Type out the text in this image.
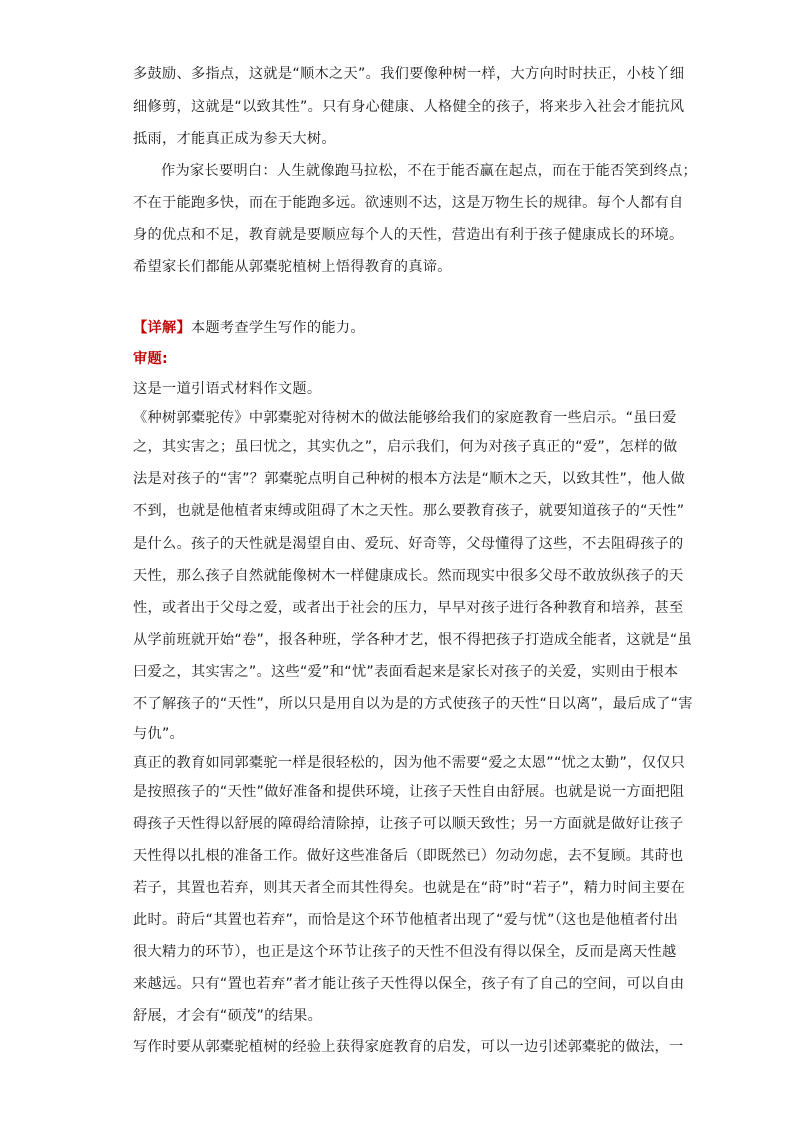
多鼓励、多指点，这就是“顺木之天”。我们要像种树一样，大方向时时扶正，小枝丫细
细修剪，这就是“以致其性”。只有身心健康、人格健全的孩子，将来步入社会才能抗风
抵雨，才能真正成为参天大树。
作为家长要明白：人生就像跑马拉松，不在于能否赢在起点，而在于能否笑到终点；
不在于能跑多快，而在于能跑多远。欲速则不达，这是万物生长的规律。每个人都有自
身的优点和不足，教育就是要顺应每个人的天性，营造出有利于孩子健康成长的环境。
希望家长们都能从郭橐驼植树上悟得教育的真谛。
【详解】本题考查学生写作的能力。
审题:
这是一道引语式材料作文题。
《种树郭橐驼传》中郭橐驼对待树木的做法能够给我们的家庭教育一些启示。“虽曰爱
之，其实害之；虽曰忧之，其实仇之”，启示我们，何为对孩子真正的“爱”，怎样的做
法是对孩子的“害”？郭橐驼点明自己种树的根本方法是“顺木之天，以致其性”，他人做
不到，也就是他植者束缚或阻碍了木之天性。那么要教育孩子，就要知道孩子的“天性”
是什么。孩子的天性就是渴望自由、爱玩、好奇等，父母懂得了这些，不去阻碍孩子的
天性，那么孩子自然就能像树木一样健康成长。然而现实中很多父母不敢放纵孩子的天
性，或者出于父母之爱，或者出于社会的压力，早早对孩子进行各种教育和培养，甚至
从学前班就开始“卷”，报各种班，学各种才艺，恨不得把孩子打造成全能者，这就是“虽
曰爱之，其实害之”。这些“爱”和“忧”表面看起来是家长对孩子的关爱，实则由于根本
不了解孩子的“天性”，所以只是用自以为是的方式使孩子的天性“日以离”，最后成了“害
与仇”。
真正的教育如同郭橐驼一样是很轻松的，因为他不需要“爱之太恩”“忧之太勤”，仅仅只
是按照孩子的“天性”做好准备和提供环境，让孩子天性自由舒展。也就是说一方面把阻
碍孩子天性得以舒展的障碍给清除掉，让孩子可以顺天致性；另一方面就是做好让孩子
天性得以扎根的准备工作。做好这些准备后（即既然已）勿动勿虑，去不复顾。其莳也
若子，其置也若弃，则其天者全而其性得矣。也就是在“莳”时“若子”，精力时间主要在
此时。莳后“其置也若弃”，而恰是这个环节他植者出现了“爱与忧”（这也是他植者付出
很大精力的环节），也正是这个环节让孩子的天性不但没有得以保全，反而是离天性越
来越远。只有“置也若弃”者才能让孩子天性得以保全，孩子有了自己的空间，可以自由
舒展，才会有“硕茂”的结果。
写作时要从郭橐驼植树的经验上获得家庭教育的启发，可以一边引述郭橐驼的做法，一
